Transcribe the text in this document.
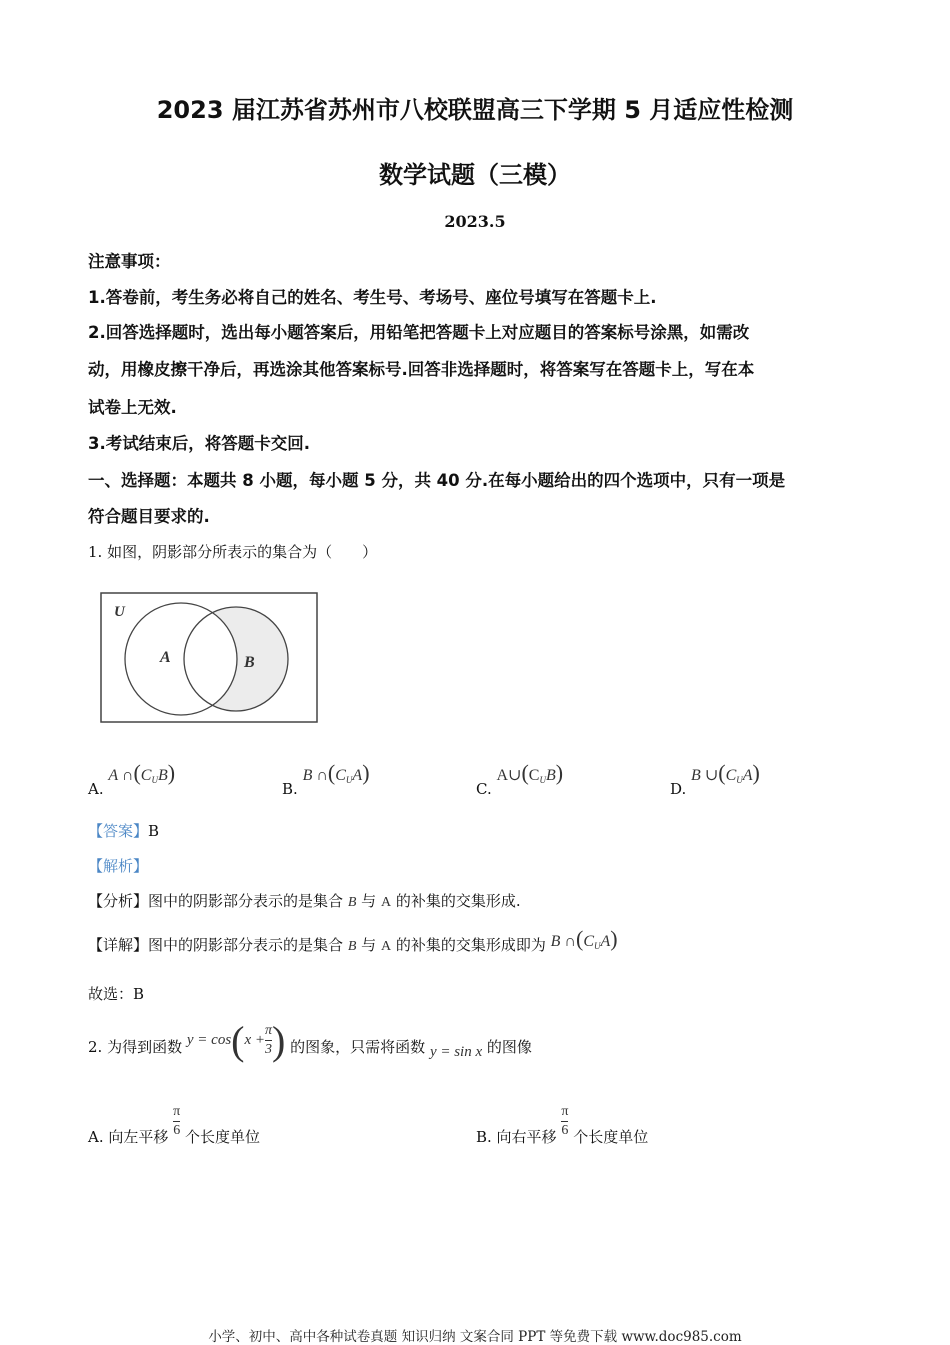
2023 届江苏省苏州市八校联盟高三下学期 5 月适应性检测
数学试题（三模）
2023.5
注意事项：
1.答卷前，考生务必将自己的姓名、考生号、考场号、座位号填写在答题卡上.
2.回答选择题时，选出每小题答案后，用铅笔把答题卡上对应题目的答案标号涂黑，如需改
动，用橡皮擦干净后，再选涂其他答案标号.回答非选择题时，将答案写在答题卡上，写在本
试卷上无效.
3.考试结束后，将答题卡交回.
一、选择题：本题共 8 小题，每小题 5 分，共 40 分.在每小题给出的四个选项中，只有一项是
符合题目要求的.
1. 如图，阴影部分所表示的集合为（　　）
U
A	B
A. A $\cap(C_UB)$
B. B $\cap(C_UA)$
C. $A\cup(C_UB)$
D. B $\cup(C_UA)$
【答案】B
【解析】
【分析】图中的阴影部分表示的是集合 B 与 A 的补集的交集形成.
【详解】图中的阴影部分表示的是集合 B 与 A 的补集的交集形成即为 B $\cap(C_UA)$
故选：B
2. 为得到函数 $y = \cos(x + \frac{\pi}{3}$ ) 的图象，只需将函数 y = sin x 的图像
A. 向左平移 $\frac{\pi}{6}$ 个长度单位	B. 向右平移 $\frac{\pi}{6}$ 个长度单位
小学、初中、高中各种试卷真题 知识归纳 文案合同 PPT 等免费下载 www.doc985.com
